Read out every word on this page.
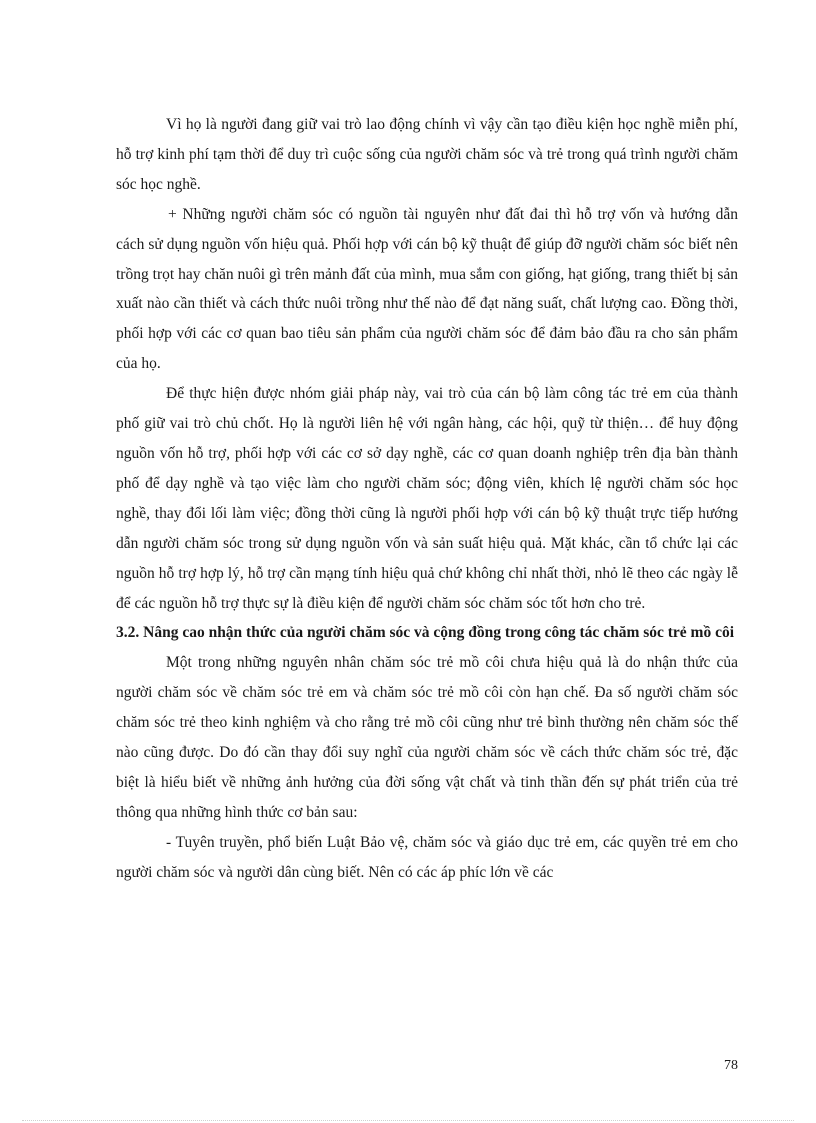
Vì họ là người đang giữ vai trò lao động chính vì vậy cần tạo điều kiện học nghề miễn phí, hỗ trợ kinh phí tạm thời để duy trì cuộc sống của người chăm sóc và trẻ trong quá trình người chăm sóc học nghề.

+ Những người chăm sóc có nguồn tài nguyên như đất đai thì hỗ trợ vốn và hướng dẫn cách sử dụng nguồn vốn hiệu quả. Phối hợp với cán bộ kỹ thuật để giúp đỡ người chăm sóc biết nên trồng trọt hay chăn nuôi gì trên mảnh đất của mình, mua sắm con giống, hạt giống, trang thiết bị sản xuất nào cần thiết và cách thức nuôi trồng như thế nào để đạt năng suất, chất lượng cao. Đồng thời, phối hợp với các cơ quan bao tiêu sản phẩm của người chăm sóc để đảm bảo đầu ra cho sản phẩm của họ.

Để thực hiện được nhóm giải pháp này, vai trò của cán bộ làm công tác trẻ em của thành phố giữ vai trò chủ chốt. Họ là người liên hệ với ngân hàng, các hội, quỹ từ thiện… để huy động nguồn vốn hỗ trợ, phối hợp với các cơ sở dạy nghề, các cơ quan doanh nghiệp trên địa bàn thành phố để dạy nghề và tạo việc làm cho người chăm sóc; động viên, khích lệ người chăm sóc học nghề, thay đổi lối làm việc; đồng thời cũng là người phối hợp với cán bộ kỹ thuật trực tiếp hướng dẫn người chăm sóc trong sử dụng nguồn vốn và sản suất hiệu quả. Mặt khác, cần tổ chức lại các nguồn hỗ trợ hợp lý, hỗ trợ cần mạng tính hiệu quả chứ không chỉ nhất thời, nhỏ lẽ theo các ngày lễ để các nguồn hỗ trợ thực sự là điều kiện để người chăm sóc chăm sóc tốt hơn cho trẻ.

3.2. Nâng cao nhận thức của người chăm sóc và cộng đồng trong công tác chăm sóc trẻ mồ côi

Một trong những nguyên nhân chăm sóc trẻ mồ côi chưa hiệu quả là do nhận thức của người chăm sóc về chăm sóc trẻ em và chăm sóc trẻ mồ côi còn hạn chế. Đa số người chăm sóc chăm sóc trẻ theo kinh nghiệm và cho rằng trẻ mồ côi cũng như trẻ bình thường nên chăm sóc thế nào cũng được. Do đó cần thay đổi suy nghĩ của người chăm sóc về cách thức chăm sóc trẻ, đặc biệt là hiểu biết về những ảnh hưởng của đời sống vật chất và tinh thần đến sự phát triển của trẻ thông qua những hình thức cơ bản sau:

- Tuyên truyền, phổ biến Luật Bảo vệ, chăm sóc và giáo dục trẻ em, các quyền trẻ em cho người chăm sóc và người dân cùng biết. Nên có các áp phíc lớn về các

78
